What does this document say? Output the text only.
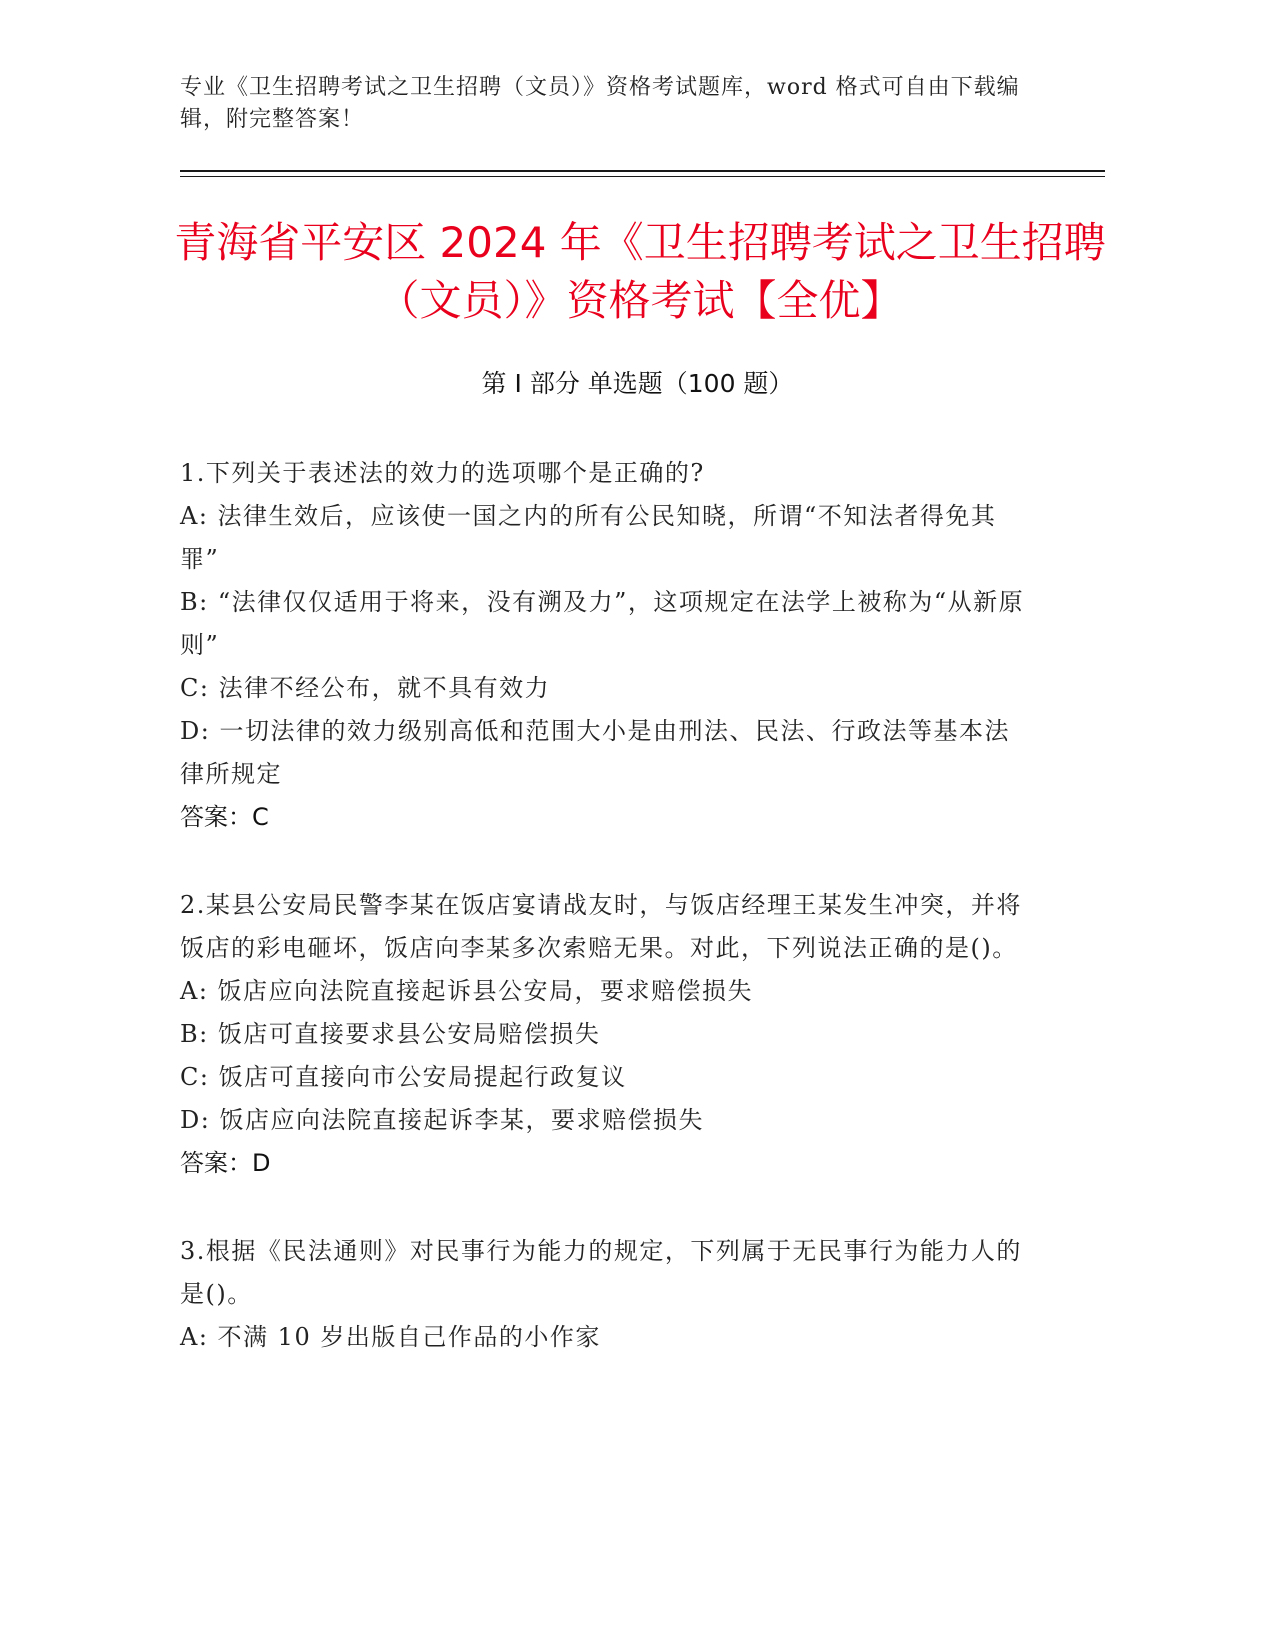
专业《卫生招聘考试之卫生招聘（文员）》资格考试题库，word 格式可自由下载编辑，附完整答案！
青海省平安区 2024 年《卫生招聘考试之卫生招聘（文员）》资格考试【全优】
第 I 部分 单选题（100 题）

1.下列关于表述法的效力的选项哪个是正确的?

A: 法律生效后，应该使一国之内的所有公民知晓，所谓“不知法者得免其罪”

B: “法律仅仅适用于将来，没有溯及力”，这项规定在法学上被称为“从新原则”

C: 法律不经公布，就不具有效力

D: 一切法律的效力级别高低和范围大小是由刑法、民法、行政法等基本法律所规定

答案：C

2.某县公安局民警李某在饭店宴请战友时，与饭店经理王某发生冲突，并将饭店的彩电砸坏，饭店向李某多次索赔无果。对此，下列说法正确的是()。

A: 饭店应向法院直接起诉县公安局，要求赔偿损失

B: 饭店可直接要求县公安局赔偿损失

C: 饭店可直接向市公安局提起行政复议

D: 饭店应向法院直接起诉李某，要求赔偿损失

答案：D

3.根据《民法通则》对民事行为能力的规定，下列属于无民事行为能力人的是()。

A: 不满 10 岁出版自己作品的小作家
